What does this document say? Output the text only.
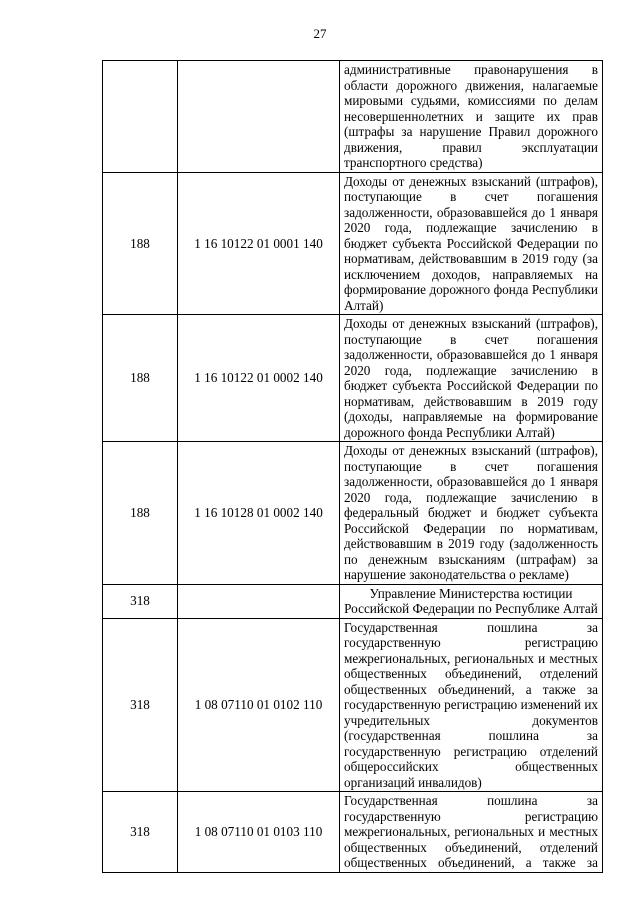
27
		административные правонарушения в области дорожного движения, налагаемые мировыми судьями, комиссиями по делам несовершеннолетних и защите их прав (штрафы за нарушение Правил дорожного движения, правил эксплуатации транспортного средства)
188	1 16 10122 01 0001 140	Доходы от денежных взысканий (штрафов), поступающие в счет погашения задолженности, образовавшейся до 1 января 2020 года, подлежащие зачислению в бюджет субъекта Российской Федерации по нормативам, действовавшим в 2019 году (за исключением доходов, направляемых на формирование дорожного фонда Республики Алтай)
188	1 16 10122 01 0002 140	Доходы от денежных взысканий (штрафов), поступающие в счет погашения задолженности, образовавшейся до 1 января 2020 года, подлежащие зачислению в бюджет субъекта Российской Федерации по нормативам, действовавшим в 2019 году (доходы, направляемые на формирование дорожного фонда Республики Алтай)
188	1 16 10128 01 0002 140	Доходы от денежных взысканий (штрафов), поступающие в счет погашения задолженности, образовавшейся до 1 января 2020 года, подлежащие зачислению в федеральный бюджет и бюджет субъекта Российской Федерации по нормативам, действовавшим в 2019 году (задолженность по денежным взысканиям (штрафам) за нарушение законодательства о рекламе)
318		Управление Министерства юстиции Российской Федерации по Республике Алтай
318	1 08 07110 01 0102 110	Государственная пошлина за государственную регистрацию межрегиональных, региональных и местных общественных объединений, отделений общественных объединений, а также за государственную регистрацию изменений их учредительных документов (государственная пошлина за государственную регистрацию отделений общероссийских общественных организаций инвалидов)
318	1 08 07110 01 0103 110	Государственная пошлина за государственную регистрацию межрегиональных, региональных и местных общественных объединений, отделений общественных объединений, а также за
